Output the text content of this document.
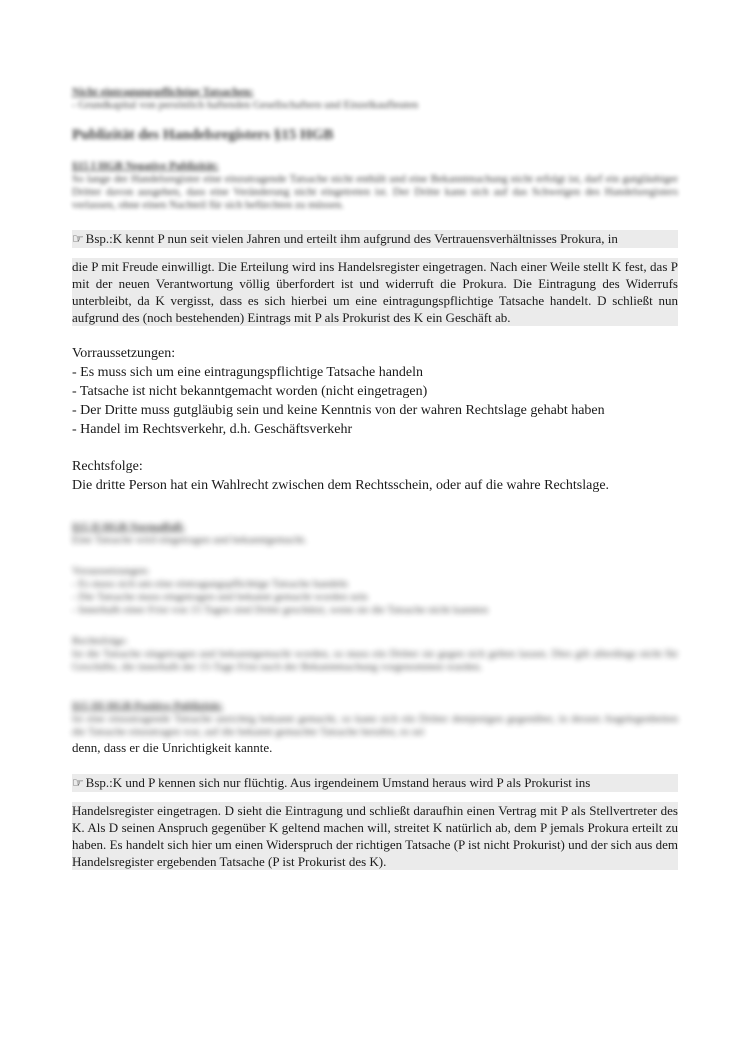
Nicht eintragungspflichtige Tatsachen:
- Grundkapital von persönlich haftenden Gesellschaftern und Einzelkaufleuten
Publizität des Handelsregisters §15 HGB
§15 I HGB Negative Publizität:
So lange der Handelsregister eine einzutragende Tatsache nicht enthält und eine Bekanntmachung nicht erfolgt ist, darf ein gutgläubiger Dritter davon ausgehen, dass eine Veränderung nicht eingetreten ist. Der Dritte kann sich auf das Schweigen des Handelsregisters verlassen, ohne einen Nachteil für sich befürchten zu müssen.
☞ Bsp.: K kennt P nun seit vielen Jahren und erteilt ihm aufgrund des Vertrauensverhältnisses Prokura, in
die P mit Freude einwilligt. Die Erteilung wird ins Handelsregister eingetragen. Nach einer Weile stellt K fest, das P mit der neuen Verantwortung völlig überfordert ist und widerruft die Prokura. Die Eintragung des Widerrufs unterbleibt, da K vergisst, dass es sich hierbei um eine eintragungspflichtige Tatsache handelt. D schließt nun aufgrund des (noch bestehenden) Eintrags mit P als Prokurist des K ein Geschäft ab.
Vorraussetzungen:
- Es muss sich um eine eintragungspflichtige Tatsache handeln
- Tatsache ist nicht bekanntgemacht worden (nicht eingetragen)
- Der Dritte muss gutgläubig sein und keine Kenntnis von der wahren Rechtslage gehabt haben
- Handel im Rechtsverkehr, d.h. Geschäftsverkehr
Rechtsfolge:
Die dritte Person hat ein Wahlrecht zwischen dem Rechtsschein, oder auf die wahre Rechtslage.
§15 II HGB Normalfall:
Eine Tatsache wird eingetragen und bekanntgemacht.
Voraussetzungen:
- Es muss sich um eine eintragungspflichtige Tatsache handeln
- Die Tatsache muss eingetragen und bekannt gemacht worden sein
- Innerhalb einer Frist von 15 Tagen sind Dritte geschützt, wenn sie die Tatsache nicht kannten
Rechtsfolge:
Ist die Tatsache eingetragen und bekanntgemacht worden, so muss ein Dritter sie gegen sich gelten lassen. Dies gilt allerdings nicht für Geschäfte, die innerhalb der 15-Tage Frist nach der Bekanntmachung vorgenommen wurden.
§15 III HGB Positive Publizität:
Ist eine einzutragende Tatsache unrichtig bekannt gemacht, so kann sich ein Dritter demjenigen gegenüber, in dessen Angelegenheiten die Tatsache einzutragen war, auf die bekannt gemachte Tatsache berufen, es sei
denn, dass er die Unrichtigkeit kannte.
☞ Bsp.: K und P kennen sich nur flüchtig. Aus irgendeinem Umstand heraus wird P als Prokurist ins
Handelsregister eingetragen. D sieht die Eintragung und schließt daraufhin einen Vertrag mit P als Stellvertreter des K. Als D seinen Anspruch gegenüber K geltend machen will, streitet K natürlich ab, dem P jemals Prokura erteilt zu haben. Es handelt sich hier um einen Widerspruch der richtigen Tatsache (P ist nicht Prokurist) und der sich aus dem Handelsregister ergebenden Tatsache (P ist Prokurist des K).
